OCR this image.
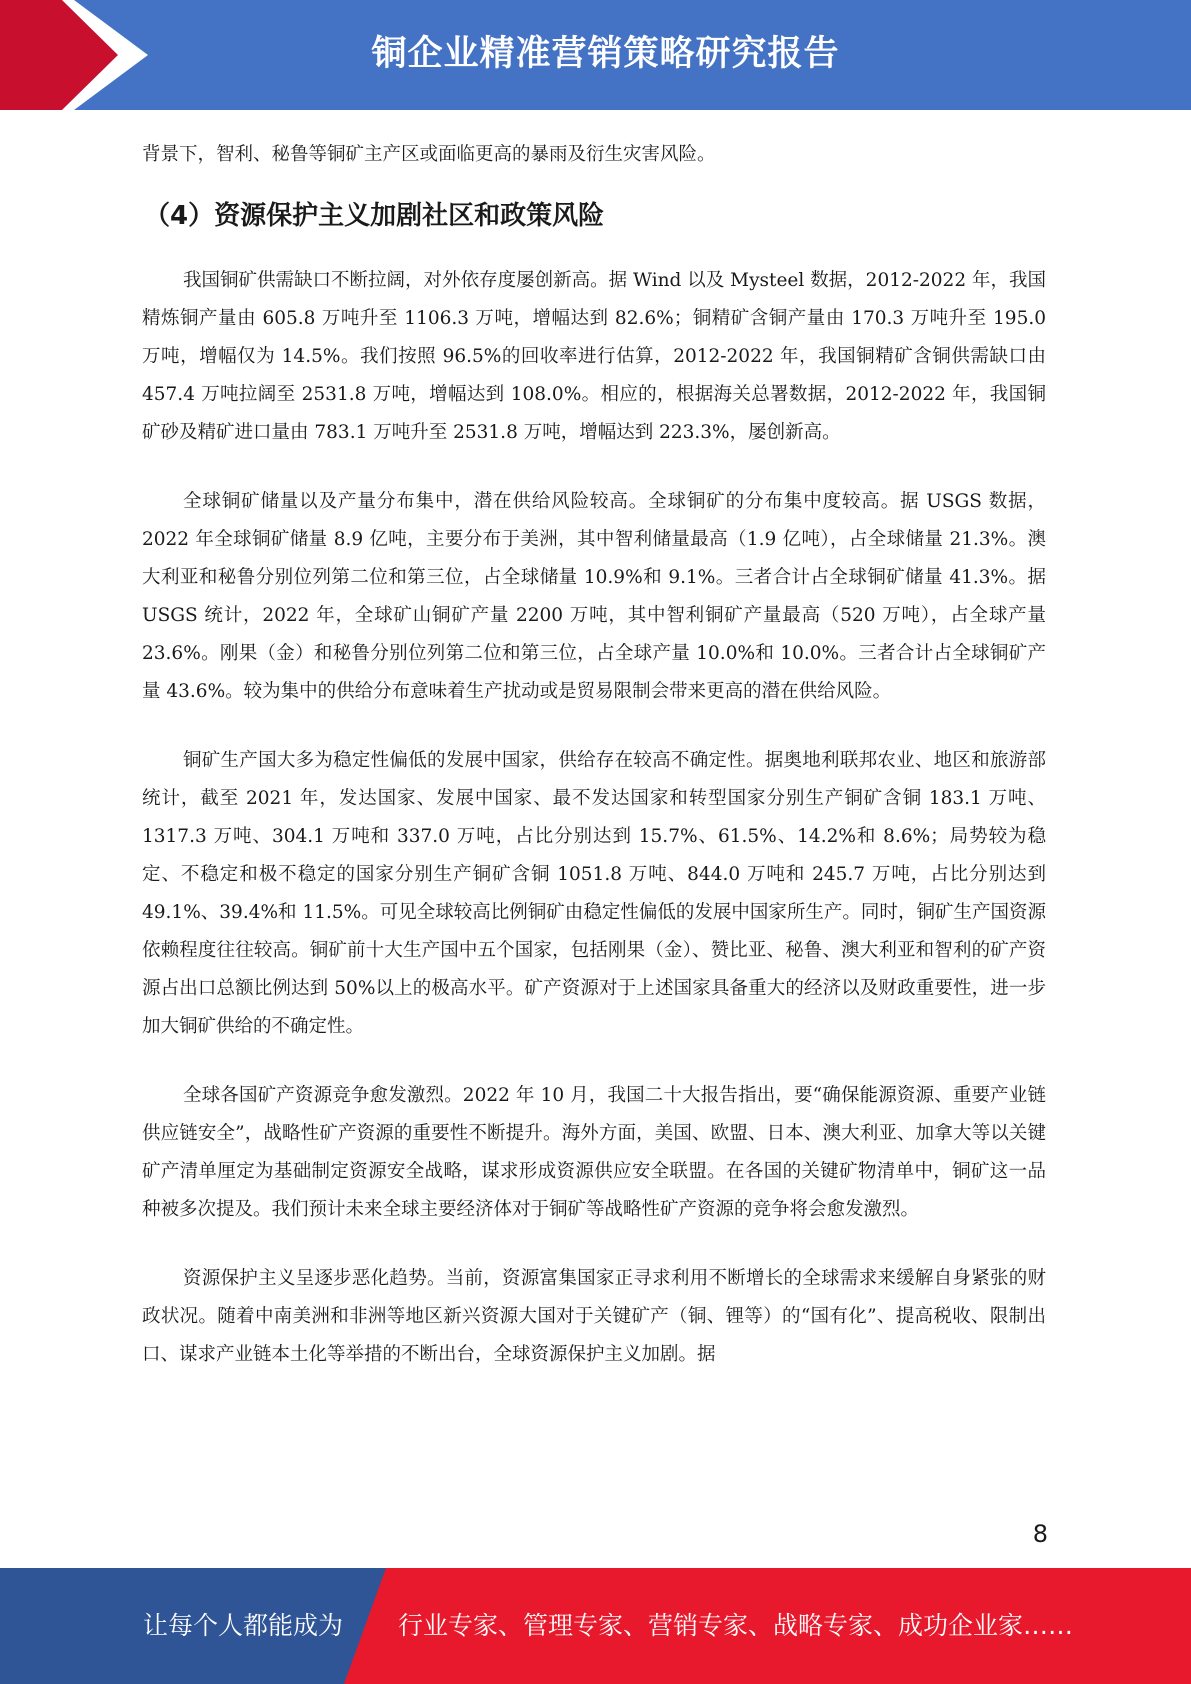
铜企业精准营销策略研究报告

背景下，智利、秘鲁等铜矿主产区或面临更高的暴雨及衍生灾害风险。

（4）资源保护主义加剧社区和政策风险

我国铜矿供需缺口不断拉阔，对外依存度屡创新高。据 Wind 以及 Mysteel 数据，2012-2022 年，我国精炼铜产量由 605.8 万吨升至 1106.3 万吨，增幅达到 82.6%；铜精矿含铜产量由 170.3 万吨升至 195.0 万吨，增幅仅为 14.5%。我们按照 96.5%的回收率进行估算，2012-2022 年，我国铜精矿含铜供需缺口由 457.4 万吨拉阔至 2531.8 万吨，增幅达到 108.0%。相应的，根据海关总署数据，2012-2022 年，我国铜矿砂及精矿进口量由 783.1 万吨升至 2531.8 万吨，增幅达到 223.3%，屡创新高。

全球铜矿储量以及产量分布集中，潜在供给风险较高。全球铜矿的分布集中度较高。据 USGS 数据，2022 年全球铜矿储量 8.9 亿吨，主要分布于美洲，其中智利储量最高（1.9 亿吨），占全球储量 21.3%。澳大利亚和秘鲁分别位列第二位和第三位，占全球储量 10.9%和 9.1%。三者合计占全球铜矿储量 41.3%。据 USGS 统计，2022 年，全球矿山铜矿产量 2200 万吨，其中智利铜矿产量最高（520 万吨），占全球产量 23.6%。刚果（金）和秘鲁分别位列第二位和第三位，占全球产量 10.0%和 10.0%。三者合计占全球铜矿产量 43.6%。较为集中的供给分布意味着生产扰动或是贸易限制会带来更高的潜在供给风险。

铜矿生产国大多为稳定性偏低的发展中国家，供给存在较高不确定性。据奥地利联邦农业、地区和旅游部统计，截至 2021 年，发达国家、发展中国家、最不发达国家和转型国家分别生产铜矿含铜 183.1 万吨、1317.3 万吨、304.1 万吨和 337.0 万吨，占比分别达到 15.7%、61.5%、14.2%和 8.6%；局势较为稳定、不稳定和极不稳定的国家分别生产铜矿含铜 1051.8 万吨、844.0 万吨和 245.7 万吨，占比分别达到 49.1%、39.4%和 11.5%。可见全球较高比例铜矿由稳定性偏低的发展中国家所生产。同时，铜矿生产国资源依赖程度往往较高。铜矿前十大生产国中五个国家，包括刚果（金）、赞比亚、秘鲁、澳大利亚和智利的矿产资源占出口总额比例达到 50%以上的极高水平。矿产资源对于上述国家具备重大的经济以及财政重要性，进一步加大铜矿供给的不确定性。

全球各国矿产资源竞争愈发激烈。2022 年 10 月，我国二十大报告指出，要“确保能源资源、重要产业链供应链安全”，战略性矿产资源的重要性不断提升。海外方面，美国、欧盟、日本、澳大利亚、加拿大等以关键矿产清单厘定为基础制定资源安全战略，谋求形成资源供应安全联盟。在各国的关键矿物清单中，铜矿这一品种被多次提及。我们预计未来全球主要经济体对于铜矿等战略性矿产资源的竞争将会愈发激烈。

资源保护主义呈逐步恶化趋势。当前，资源富集国家正寻求利用不断增长的全球需求来缓解自身紧张的财政状况。随着中南美洲和非洲等地区新兴资源大国对于关键矿产（铜、锂等）的“国有化”、提高税收、限制出口、谋求产业链本土化等举措的不断出台，全球资源保护主义加剧。据

8
让每个人都能成为 行业专家、管理专家、营销专家、战略专家、成功企业家……
